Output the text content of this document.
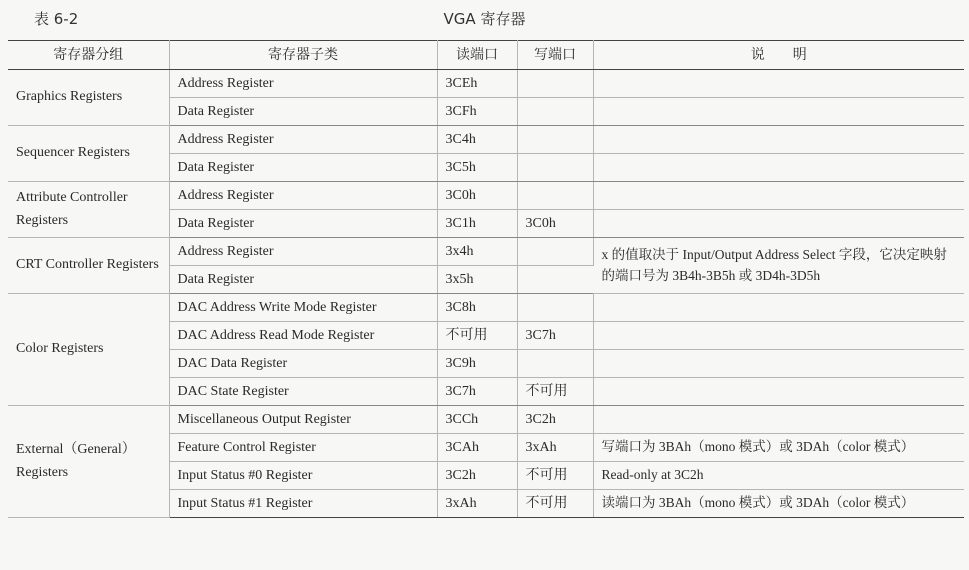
表 6-2	VGA 寄存器
寄存器分组	寄存器子类	读端口	写端口	说　　明
Graphics Registers	Address Register	3CEh		
	Data Register	3CFh		
Sequencer Registers	Address Register	3C4h		
	Data Register	3C5h		
Attribute Controller Registers	Address Register	3C0h		
	Data Register	3C1h	3C0h	
CRT Controller Registers	Address Register	3x4h		x 的值取决于 Input/Output Address Select 字段，它决定映射的端口号为 3B4h-3B5h 或 3D4h-3D5h
	Data Register	3x5h		
Color Registers	DAC Address Write Mode Register	3C8h		
	DAC Address Read Mode Register	不可用	3C7h	
	DAC Data Register	3C9h		
	DAC State Register	3C7h	不可用	
External（General） Registers	Miscellaneous Output Register	3CCh	3C2h	
	Feature Control Register	3CAh	3xAh	写端口为 3BAh（mono 模式）或 3DAh（color 模式）
	Input Status #0 Register	3C2h	不可用	Read-only at 3C2h
	Input Status #1 Register	3xAh	不可用	读端口为 3BAh（mono 模式）或 3DAh（color 模式）
